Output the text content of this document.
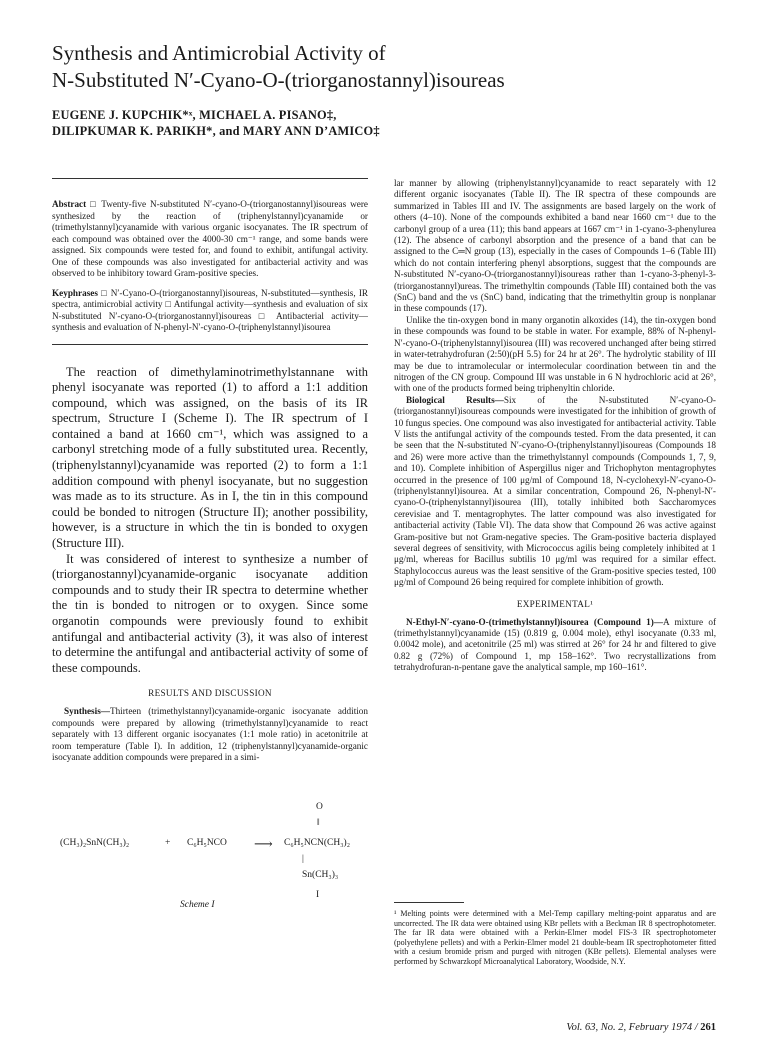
Synthesis and Antimicrobial Activity of
N-Substituted N′-Cyano-O-(triorganostannyl)isoureas
EUGENE J. KUPCHIK*ˣ, MICHAEL A. PISANO‡,
DILIPKUMAR K. PARIKH*, and MARY ANN D’AMICO‡
Abstract □ Twenty-five N-substituted N′-cyano-O-(triorganostannyl)isoureas were synthesized by the reaction of (triphenylstannyl)cyanamide or (trimethylstannyl)cyanamide with various organic isocyanates. The IR spectrum of each compound was obtained over the 4000-30 cm⁻¹ range, and some bands were assigned. Six compounds were tested for, and found to exhibit, antifungal activity. One of these compounds was also investigated for antibacterial activity and was observed to be inhibitory toward Gram-positive species.
Keyphrases □ N′-Cyano-O-(triorganostannyl)isoureas, N-substituted—synthesis, IR spectra, antimicrobial activity □ Antifungal activity—synthesis and evaluation of six N-substituted N′-cyano-O-(triorganostannyl)isoureas □ Antibacterial activity—synthesis and evaluation of N-phenyl-N′-cyano-O-(triphenylstannyl)isourea

The reaction of dimethylaminotrimethylstannane with phenyl isocyanate was reported (1) to afford a 1:1 addition compound, which was assigned, on the basis of its IR spectrum, Structure I (Scheme I). The IR spectrum of I contained a band at 1660 cm⁻¹, which was assigned to a carbonyl stretching mode of a fully substituted urea. Recently, (triphenylstannyl)cyanamide was reported (2) to form a 1:1 addition compound with phenyl isocyanate, but no suggestion was made as to its structure. As in I, the tin in this compound could be bonded to nitrogen (Structure II); another possibility, however, is a structure in which the tin is bonded to oxygen (Structure III).

It was considered of interest to synthesize a number of (triorganostannyl)cyanamide-organic isocyanate addition compounds and to study their IR spectra to determine whether the tin is bonded to nitrogen or to oxygen. Since some organotin compounds were previously found to exhibit antifungal and antibacterial activity (3), it was also of interest to determine the antifungal and antibacterial activity of some of these compounds.

RESULTS AND DISCUSSION

Synthesis—Thirteen (trimethylstannyl)cyanamide-organic isocyanate addition compounds were prepared by allowing (trimethylstannyl)cyanamide to react separately with 13 different organic isocyanates (1:1 mole ratio) in acetonitrile at room temperature (Table I). In addition, 12 (triphenylstannyl)cyanamide-organic isocyanate addition compounds were prepared in a simi-

(CH₃)₂SnN(CH₃)₂	+ C₆H₅NCO ⟶
O
‖
C₆H₅NCN(CH₃)₂
|
Sn(CH₃)₃
I
Scheme I

lar manner by allowing (triphenylstannyl)cyanamide to react separately with 12 different organic isocyanates (Table II). The IR spectra of these compounds are summarized in Tables III and IV. The assignments are based largely on the work of others (4–10). None of the compounds exhibited a band near 1660 cm⁻¹ due to the carbonyl group of a urea (11); this band appears at 1667 cm⁻¹ in 1-cyano-3-phenylurea (12). The absence of carbonyl absorption and the presence of a band that can be assigned to the C═N group (13), especially in the cases of Compounds 1–6 (Table III) which do not contain interfering phenyl absorptions, suggest that the compounds are N-substituted N′-cyano-O-(triorganostannyl)isoureas rather than 1-cyano-3-phenyl-3-(triorganostannyl)ureas. The trimethyltin compounds (Table III) contained both the νas (SnC) band and the νs (SnC) band, indicating that the trimethyltin group is nonplanar in these compounds (17).

Unlike the tin-oxygen bond in many organotin alkoxides (14), the tin-oxygen bond in these compounds was found to be stable in water. For example, 88% of N-phenyl-N′-cyano-O-(triphenylstannyl)isourea (III) was recovered unchanged after being stirred in water-tetrahydrofuran (2:50)(pH 5.5) for 24 hr at 26°. The hydrolytic stability of III may be due to intramolecular or intermolecular coordination between tin and the nitrogen of the CN group. Compound III was unstable in 6 N hydrochloric acid at 26°, with one of the products formed being triphenyltin chloride.

Biological Results—Six of the N-substituted N′-cyano-O-(triorganostannyl)isoureas compounds were investigated for the inhibition of growth of 10 fungus species. One compound was also investigated for antibacterial activity. Table V lists the antifungal activity of the compounds tested. From the data presented, it can be seen that the N-substituted N′-cyano-O-(triphenylstannyl)isoureas (Compounds 18 and 26) were more active than the trimethylstannyl compounds (Compounds 1, 7, 9, and 10). Complete inhibition of Aspergillus niger and Trichophyton mentagrophytes occurred in the presence of 100 μg/ml of Compound 18, N-cyclohexyl-N′-cyano-O-(triphenylstannyl)isourea. At a similar concentration, Compound 26, N-phenyl-N′-cyano-O-(triphenylstannyl)isourea (III), totally inhibited both Saccharomyces cerevisiae and T. mentagrophytes. The latter compound was also investigated for antibacterial activity (Table VI). The data show that Compound 26 was active against Gram-positive but not Gram-negative species. The Gram-positive bacteria displayed several degrees of sensitivity, with Micrococcus agilis being completely inhibited at 1 μg/ml, whereas for Bacillus subtilis 10 μg/ml was required for a similar effect. Staphylococcus aureus was the least sensitive of the Gram-positive species tested, 100 μg/ml of Compound 26 being required for complete inhibition of growth.

EXPERIMENTAL¹

N-Ethyl-N′-cyano-O-(trimethylstannyl)isourea (Compound 1)—A mixture of (trimethylstannyl)cyanamide (15) (0.819 g, 0.004 mole), ethyl isocyanate (0.33 ml, 0.0042 mole), and acetonitrile (25 ml) was stirred at 26° for 24 hr and filtered to give 0.82 g (72%) of Compound 1, mp 158–162°. Two recrystallizations from tetrahydrofuran-n-pentane gave the analytical sample, mp 160–161°.

¹ Melting points were determined with a Mel-Temp capillary melting-point apparatus and are uncorrected. The IR data were obtained using KBr pellets with a Beckman IR 8 spectrophotometer. The far IR data were obtained with a Perkin-Elmer model FIS-3 IR spectrophotometer (polyethylene pellets) and with a Perkin-Elmer model 21 double-beam IR spectrophotometer fitted with a cesium bromide prism and purged with nitrogen (KBr pellets). Elemental analyses were performed by Schwarzkopf Microanalytical Laboratory, Woodside, N.Y.
Vol. 63, No. 2, February 1974 / 261
